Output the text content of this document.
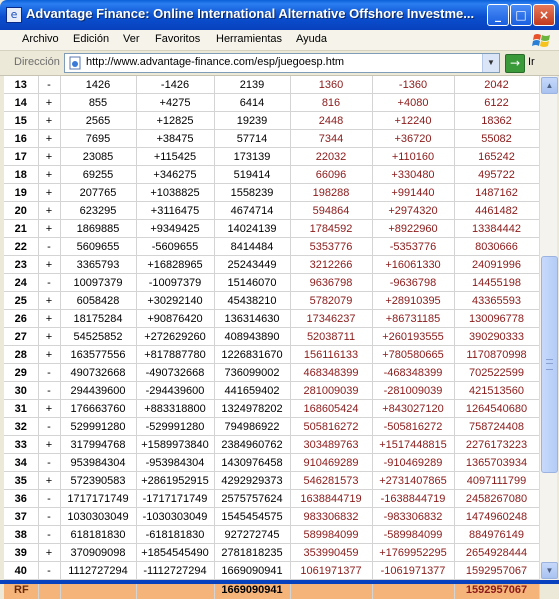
e Advantage Finance: Online International Alternative Offshore Investme...	_	□	×
Archivo Edición Ver Favoritos Herramientas Ayuda
Dirección http://www.advantage-finance.com/esp/juegoesp.htm	▼	→ Ir
13	-	1426	-1426	2139	1360	-1360	2042
14	+	855	+4275	6414	816	+4080	6122
15	+	2565	+12825	19239	2448	+12240	18362
16	+	7695	+38475	57714	7344	+36720	55082
17	+	23085	+115425	173139	22032	+110160	165242
18	+	69255	+346275	519414	66096	+330480	495722
19	+	207765	+1038825	1558239	198288	+991440	1487162
20	+	623295	+3116475	4674714	594864	+2974320	4461482
21	+	1869885	+9349425	14024139	1784592	+8922960	13384442
22	-	5609655	-5609655	8414484	5353776	-5353776	8030666
23	+	3365793	+16828965	25243449	3212266	+16061330	24091996
24	-	10097379	-10097379	15146070	9636798	-9636798	14455198
25	+	6058428	+30292140	45438210	5782079	+28910395	43365593
26	+	18175284	+90876420	136314630	17346237	+86731185	130096778
27	+	54525852	+272629260	408943890	52038711	+260193555	390290333
28	+	163577556	+817887780	1226831670	156116133	+780580665	1170870998
29	-	490732668	-490732668	736099002	468348399	-468348399	702522599
30	-	294439600	-294439600	441659402	281009039	-281009039	421513560
31	+	176663760	+883318800	1324978202	168605424	+843027120	1264540680
32	-	529991280	-529991280	794986922	505816272	-505816272	758724408
33	+	317994768	+1589973840	2384960762	303489763	+1517448815	2276173223
34	-	953984304	-953984304	1430976458	910469289	-910469289	1365703934
35	+	572390583	+2861952915	4292929373	546281573	+2731407865	4097111799
36	-	1717171749	-1717171749	2575757624	1638844719	-1638844719	2458267080
37	-	1030303049	-1030303049	1545454575	983306832	-983306832	1474960248
38	-	618181830	-618181830	927272745	589984099	-589984099	884976149
39	+	370909098	+1854545490	2781818235	353990459	+1769952295	2654928444
40	-	1112727294	-1112727294	1669090941	1061971377	-1061971377	1592957067
RF				1669090941			1592957067
▲
▼
